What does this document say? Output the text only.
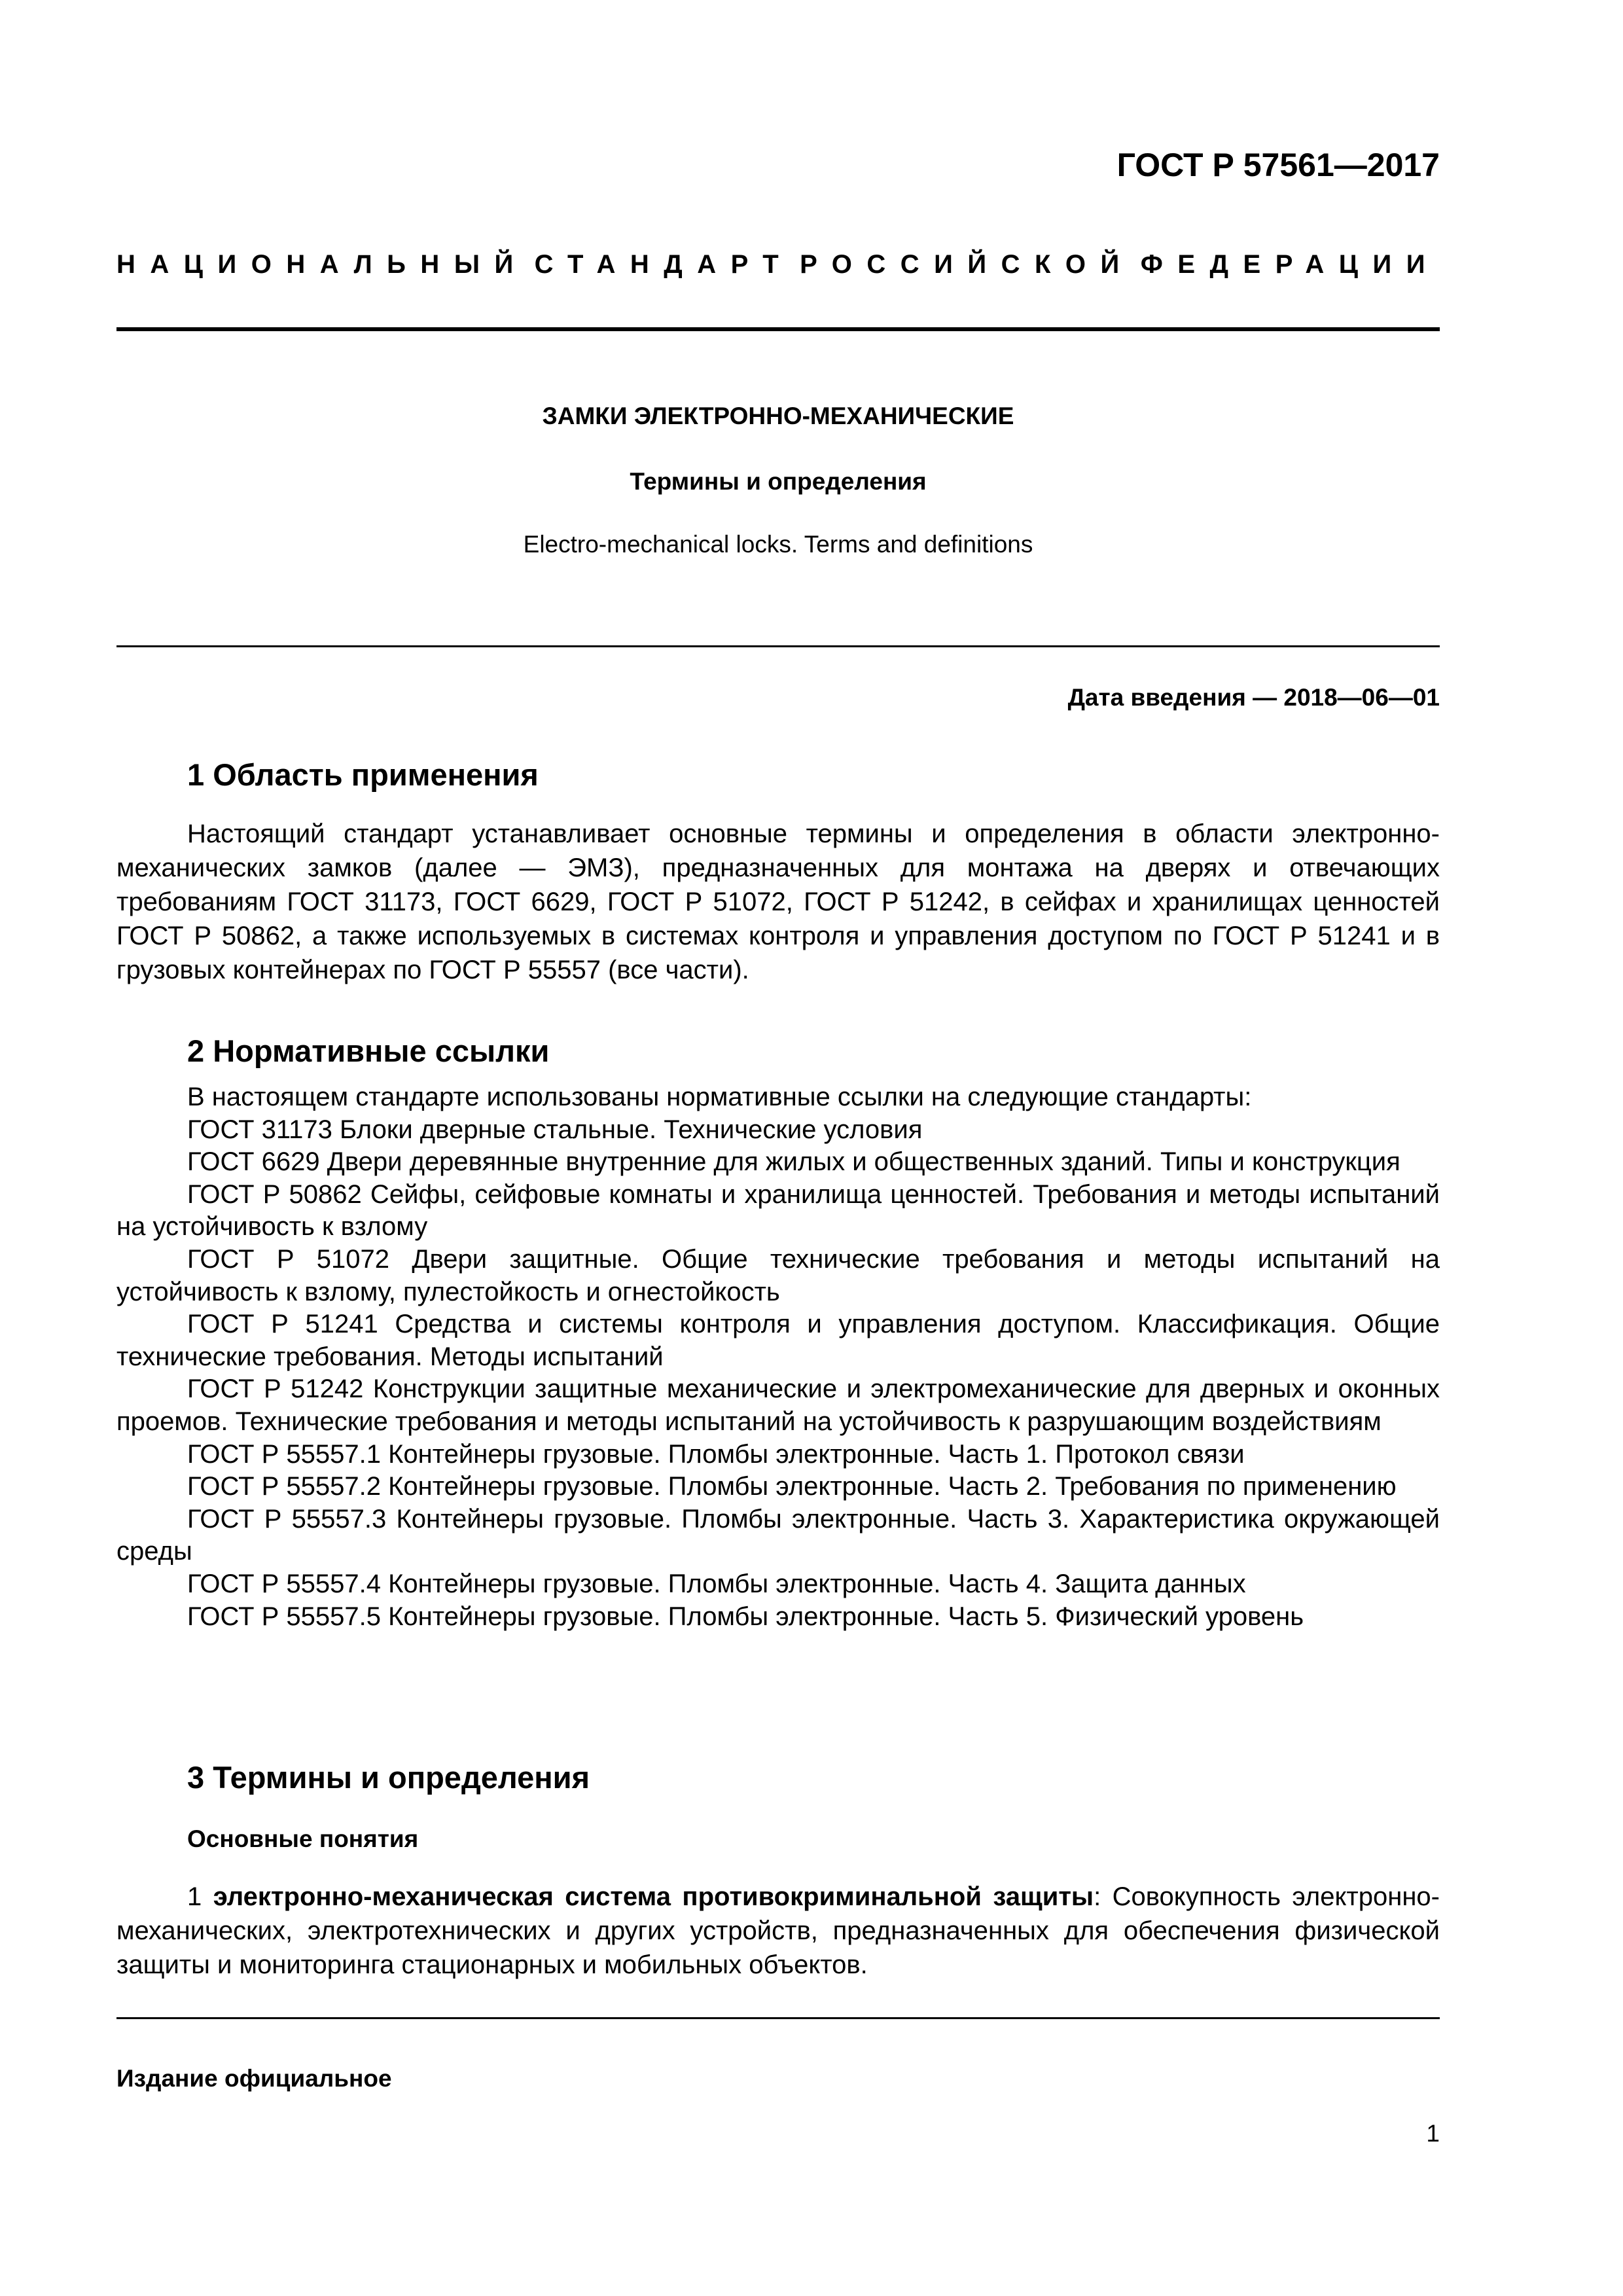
ГОСТ Р 57561—2017
НАЦИОНАЛЬНЫЙ СТАНДАРТ РОССИЙСКОЙ ФЕДЕРАЦИИ
ЗАМКИ ЭЛЕКТРОННО-МЕХАНИЧЕСКИЕ
Термины и определения
Electro-mechanical locks. Terms and definitions
Дата введения — 2018—06—01
1 Область применения
Настоящий стандарт устанавливает основные термины и определения в области электронно-механических замков (далее — ЭМЗ), предназначенных для монтажа на дверях и отвечающих требованиям ГОСТ 31173, ГОСТ 6629, ГОСТ Р 51072, ГОСТ Р 51242, в сейфах и хранилищах ценностей ГОСТ Р 50862, а также используемых в системах контроля и управления доступом по ГОСТ Р 51241 и в грузовых контейнерах по ГОСТ Р 55557 (все части).
2 Нормативные ссылки
В настоящем стандарте использованы нормативные ссылки на следующие стандарты:
ГОСТ 31173 Блоки дверные стальные. Технические условия
ГОСТ 6629 Двери деревянные внутренние для жилых и общественных зданий. Типы и конструкция
ГОСТ Р 50862 Сейфы, сейфовые комнаты и хранилища ценностей. Требования и методы испытаний на устойчивость к взлому
ГОСТ Р 51072 Двери защитные. Общие технические требования и методы испытаний на устойчивость к взлому, пулестойкость и огнестойкость
ГОСТ Р 51241 Средства и системы контроля и управления доступом. Классификация. Общие технические требования. Методы испытаний
ГОСТ Р 51242 Конструкции защитные механические и электромеханические для дверных и оконных проемов. Технические требования и методы испытаний на устойчивость к разрушающим воздействиям
ГОСТ Р 55557.1 Контейнеры грузовые. Пломбы электронные. Часть 1. Протокол связи
ГОСТ Р 55557.2 Контейнеры грузовые. Пломбы электронные. Часть 2. Требования по применению
ГОСТ Р 55557.3 Контейнеры грузовые. Пломбы электронные. Часть 3. Характеристика окружающей среды
ГОСТ Р 55557.4 Контейнеры грузовые. Пломбы электронные. Часть 4. Защита данных
ГОСТ Р 55557.5 Контейнеры грузовые. Пломбы электронные. Часть 5. Физический уровень
3 Термины и определения
Основные понятия
1 электронно-механическая система противокриминальной защиты: Совокупность электронно-механических, электротехнических и других устройств, предназначенных для обеспечения физической защиты и мониторинга стационарных и мобильных объектов.
Издание официальное
1
